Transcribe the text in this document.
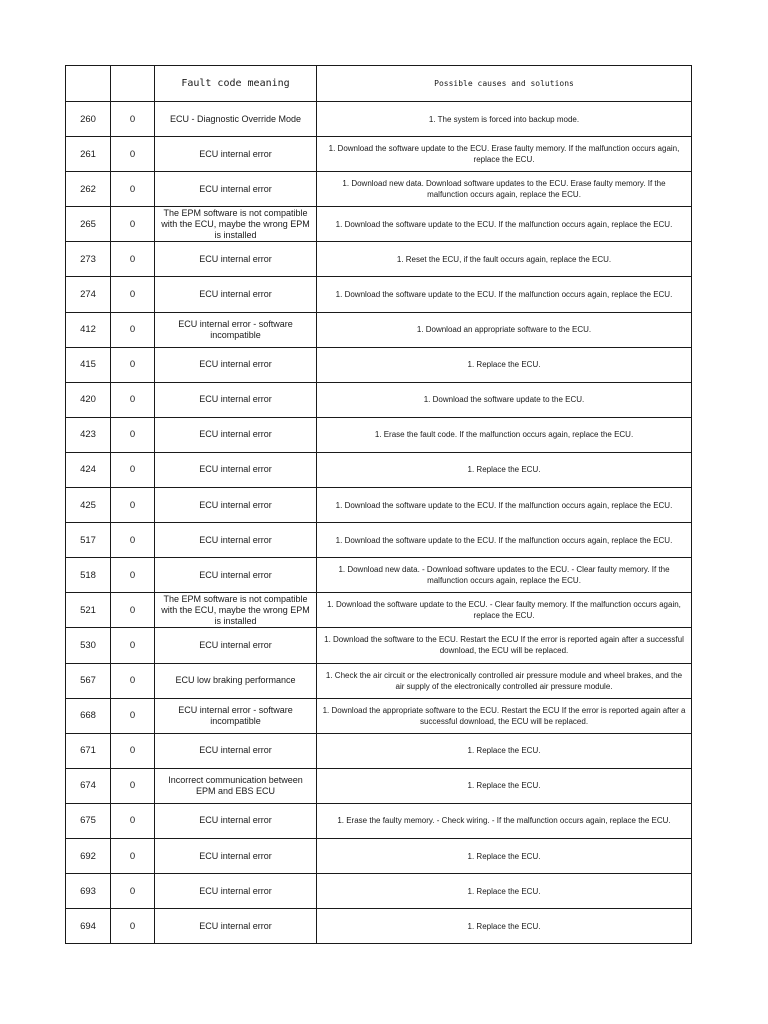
		Fault code meaning	Possible causes and solutions
260	0	ECU - Diagnostic Override Mode	1. The system is forced into backup mode.
261	0	ECU internal error	1. Download the software update to the ECU. Erase faulty memory. If the malfunction occurs again, replace the ECU.
262	0	ECU internal error	1. Download new data. Download software updates to the ECU. Erase faulty memory. If the malfunction occurs again, replace the ECU.
265	0	The EPM software is not compatible with the ECU, maybe the wrong EPM is installed	1. Download the software update to the ECU. If the malfunction occurs again, replace the ECU.
273	0	ECU internal error	1. Reset the ECU, if the fault occurs again, replace the ECU.
274	0	ECU internal error	1. Download the software update to the ECU. If the malfunction occurs again, replace the ECU.
412	0	ECU internal error - software incompatible	1. Download an appropriate software to the ECU.
415	0	ECU internal error	1. Replace the ECU.
420	0	ECU internal error	1. Download the software update to the ECU.
423	0	ECU internal error	1. Erase the fault code. If the malfunction occurs again, replace the ECU.
424	0	ECU internal error	1. Replace the ECU.
425	0	ECU internal error	1. Download the software update to the ECU. If the malfunction occurs again, replace the ECU.
517	0	ECU internal error	1. Download the software update to the ECU. If the malfunction occurs again, replace the ECU.
518	0	ECU internal error	1. Download new data. - Download software updates to the ECU. - Clear faulty memory. If the malfunction occurs again, replace the ECU.
521	0	The EPM software is not compatible with the ECU, maybe the wrong EPM is installed	1. Download the software update to the ECU. - Clear faulty memory. If the malfunction occurs again, replace the ECU.
530	0	ECU internal error	1. Download the software to the ECU. Restart the ECU If the error is reported again after a successful download, the ECU will be replaced.
567	0	ECU low braking performance	1. Check the air circuit or the electronically controlled air pressure module and wheel brakes, and the air supply of the electronically controlled air pressure module.
668	0	ECU internal error - software incompatible	1. Download the appropriate software to the ECU. Restart the ECU If the error is reported again after a successful download, the ECU will be replaced.
671	0	ECU internal error	1. Replace the ECU.
674	0	Incorrect communication between EPM and EBS ECU	1. Replace the ECU.
675	0	ECU internal error	1. Erase the faulty memory. - Check wiring. - If the malfunction occurs again, replace the ECU.
692	0	ECU internal error	1. Replace the ECU.
693	0	ECU internal error	1. Replace the ECU.
694	0	ECU internal error	1. Replace the ECU.
